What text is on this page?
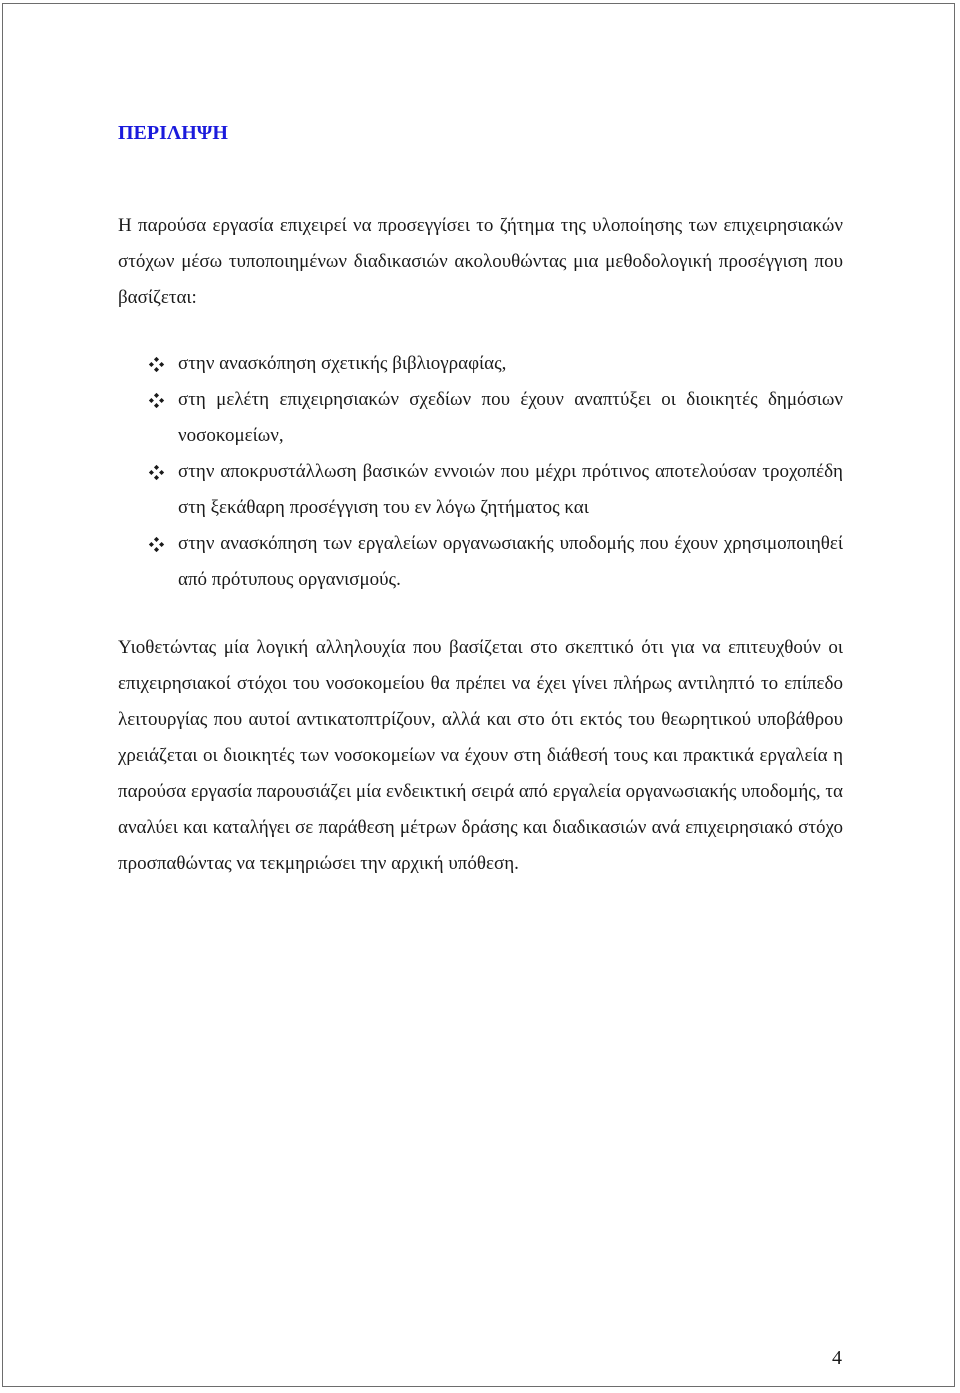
ΠΕΡΙΛΗΨΗ

Η παρούσα εργασία επιχειρεί να προσεγγίσει το ζήτημα της υλοποίησης των επιχειρησιακών στόχων μέσω τυποποιημένων διαδικασιών ακολουθώντας μια μεθοδολογική προσέγγιση που βασίζεται:

στην ανασκόπηση σχετικής βιβλιογραφίας,
στη μελέτη επιχειρησιακών σχεδίων που έχουν αναπτύξει οι διοικητές δημόσιων νοσοκομείων,
στην αποκρυστάλλωση βασικών εννοιών που μέχρι πρότινος αποτελούσαν τροχοπέδη στη ξεκάθαρη προσέγγιση του εν λόγω ζητήματος και
στην ανασκόπηση των εργαλείων οργανωσιακής υποδομής που έχουν χρησιμοποιηθεί από πρότυπους οργανισμούς.

Υιοθετώντας μία λογική αλληλουχία που βασίζεται στο σκεπτικό ότι για να επιτευχθούν οι επιχειρησιακοί στόχοι του νοσοκομείου θα πρέπει να έχει γίνει πλήρως αντιληπτό το επίπεδο λειτουργίας που αυτοί αντικατοπτρίζουν, αλλά και στο ότι εκτός του θεωρητικού υποβάθρου χρειάζεται οι διοικητές των νοσοκομείων να έχουν στη διάθεσή τους και πρακτικά εργαλεία η παρούσα εργασία παρουσιάζει μία ενδεικτική σειρά από εργαλεία οργανωσιακής υποδομής, τα αναλύει και καταλήγει σε παράθεση μέτρων δράσης και διαδικασιών ανά επιχειρησιακό στόχο προσπαθώντας να τεκμηριώσει την αρχική υπόθεση.

4
